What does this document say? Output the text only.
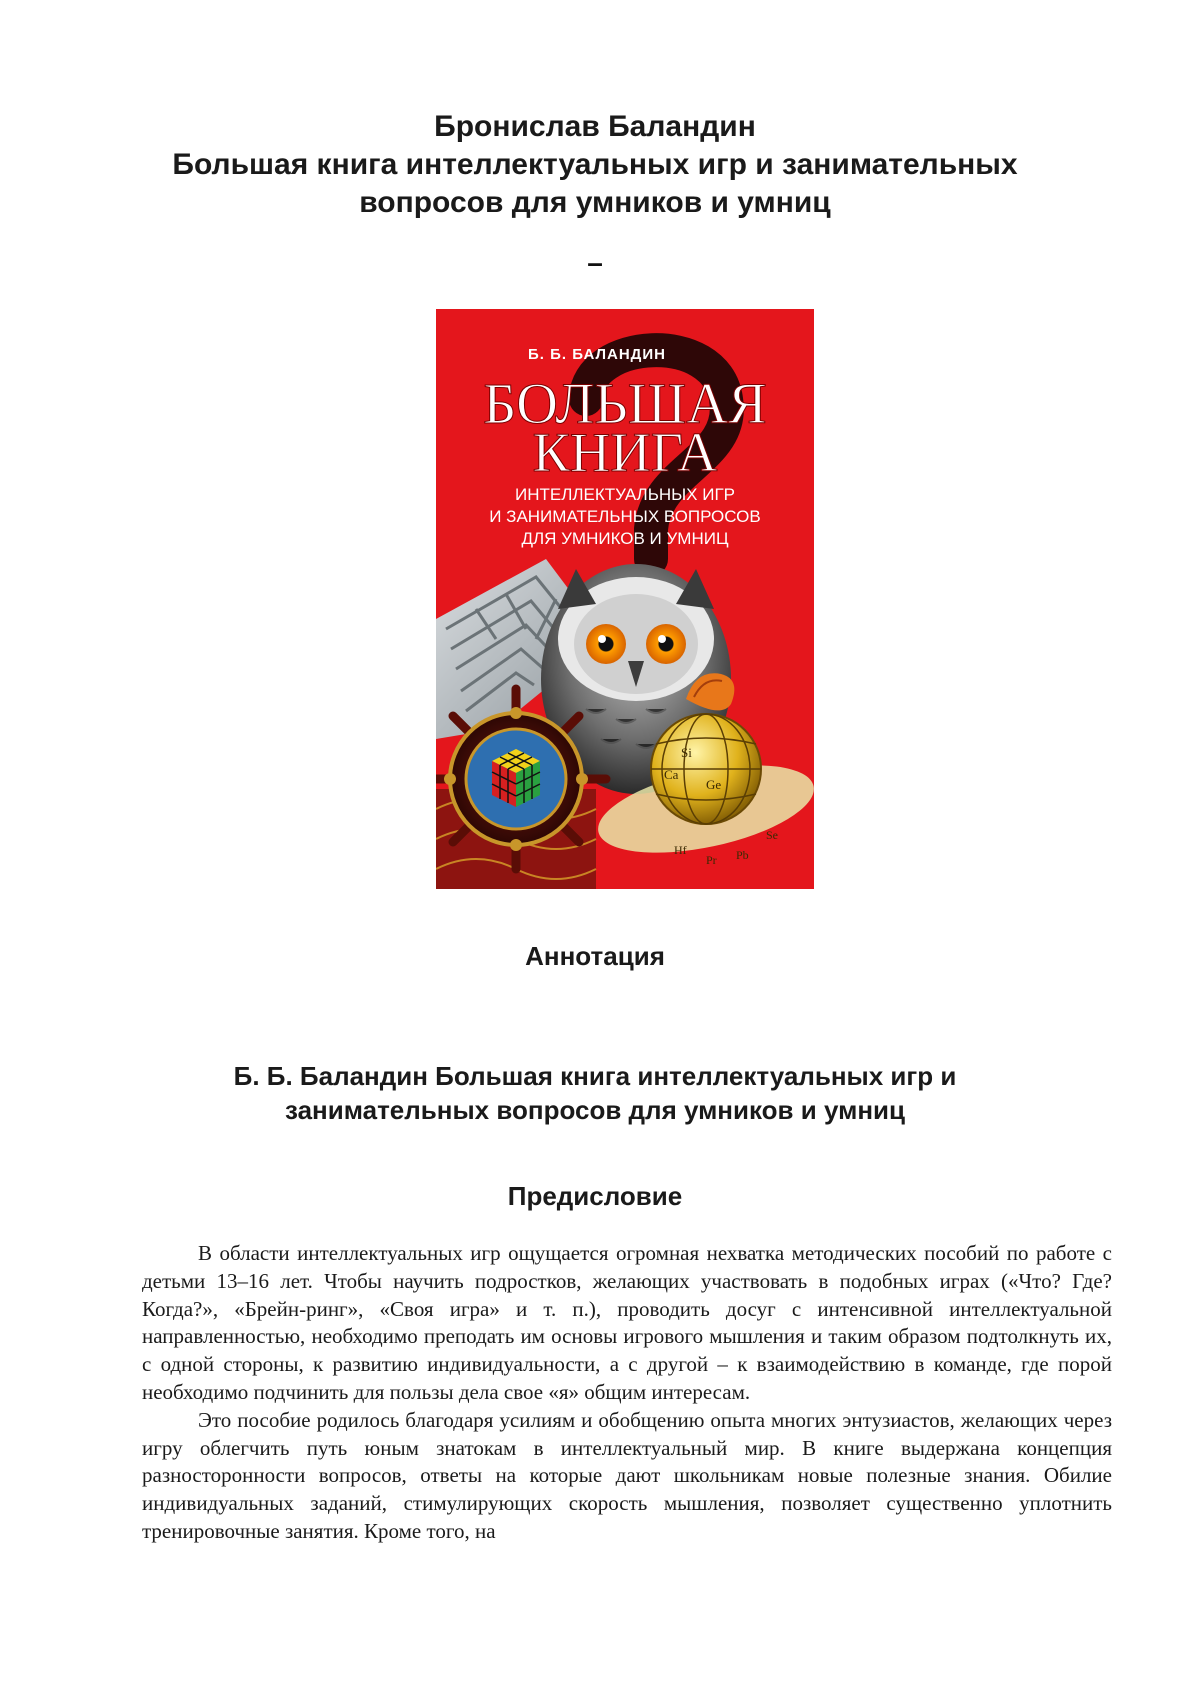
Бронислав Баландин
Большая книга интеллектуальных игр и занимательных
вопросов для умников и умниц
–
Б. Б. БАЛАНДИН
БОЛЬШАЯ
КНИГА
ИНТЕЛЛЕКТУАЛЬНЫХ ИГР
И ЗАНИМАТЕЛЬНЫХ ВОПРОСОВ
ДЛЯ УМНИКОВ И УМНИЦ
Si
Ca
Ge
Hf
Pr Pb
Se
Аннотация
Б. Б. Баландин Большая книга интеллектуальных игр и
занимательных вопросов для умников и умниц
Предисловие

В области интеллектуальных игр ощущается огромная нехватка методических пособий по работе с детьми 13–16 лет. Чтобы научить подростков, желающих участвовать в подобных играх («Что? Где? Когда?», «Брейн-ринг», «Своя игра» и т. п.), проводить досуг с интенсивной интеллектуальной направленностью, необходимо преподать им основы игрового мышления и таким образом подтолкнуть их, с одной стороны, к развитию индивидуальности, а с другой – к взаимодействию в команде, где порой необходимо подчинить для пользы дела свое «я» общим интересам.

Это пособие родилось благодаря усилиям и обобщению опыта многих энтузиастов, желающих через игру облегчить путь юным знатокам в интеллектуальный мир. В книге выдержана концепция разносторонности вопросов, ответы на которые дают школьникам новые полезные знания. Обилие индивидуальных заданий, стимулирующих скорость мышления, позволяет существенно уплотнить тренировочные занятия. Кроме того, на
